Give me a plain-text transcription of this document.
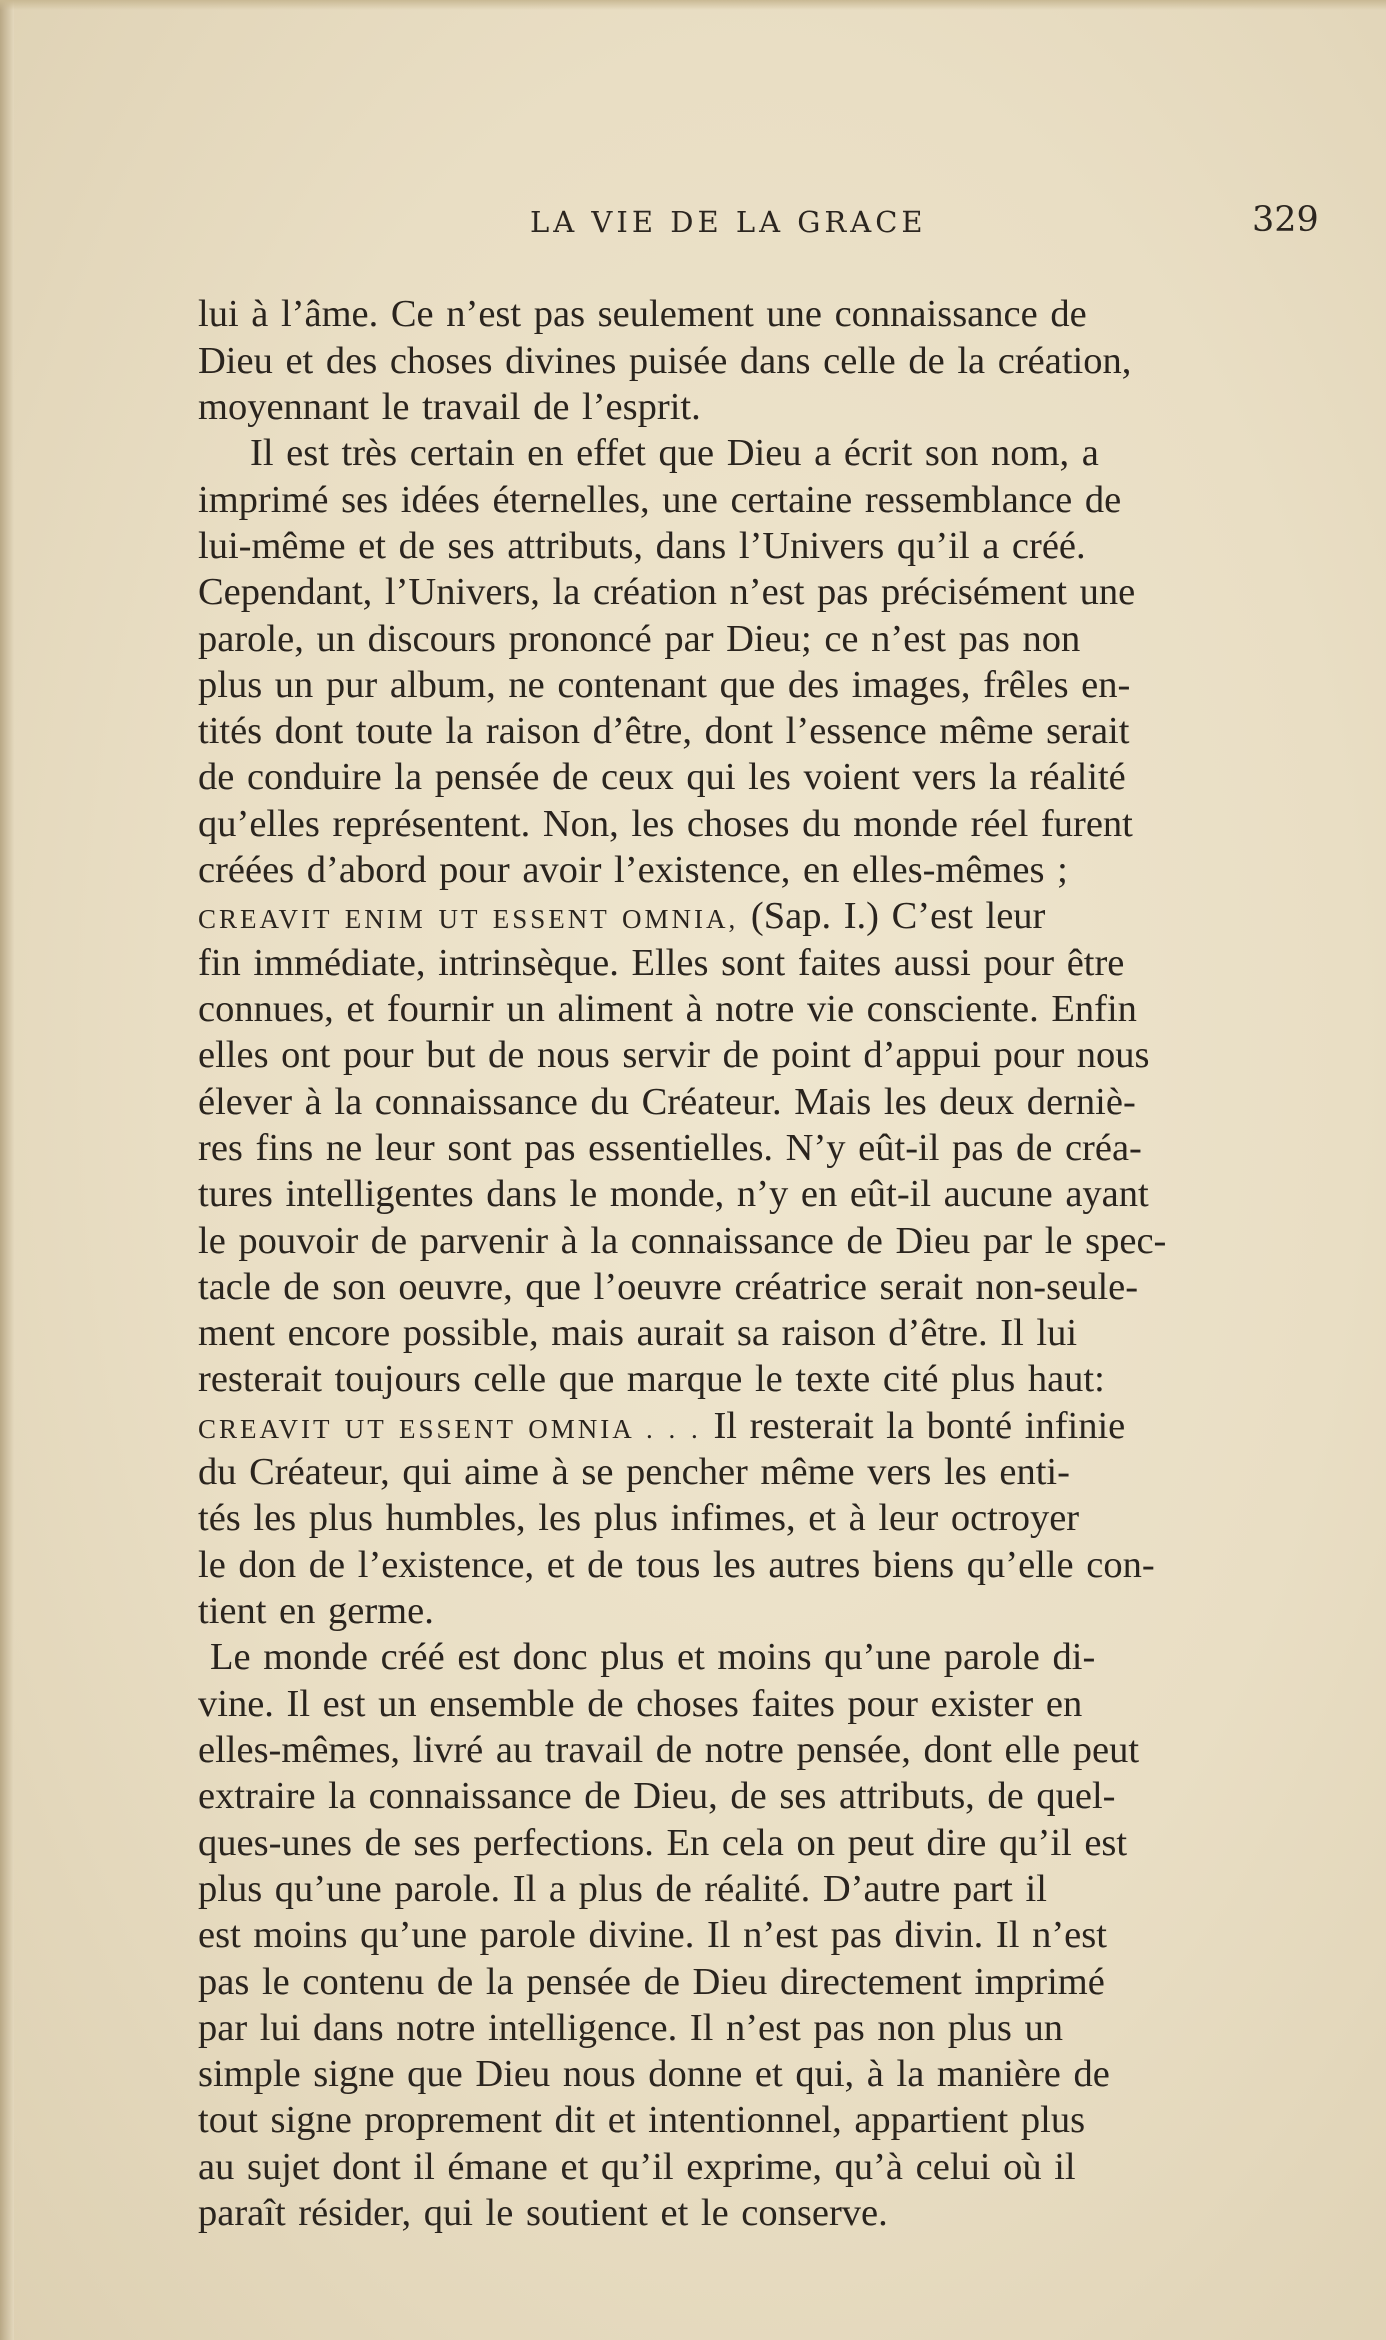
LA VIE DE LA GRACE	329
lui à l’âme. Ce n’est pas seulement une connaissance de
Dieu et des choses divines puisée dans celle de la création,
moyennant le travail de l’esprit.
Il est très certain en effet que Dieu a écrit son nom, a
imprimé ses idées éternelles, une certaine ressemblance de
lui-même et de ses attributs, dans l’Univers qu’il a créé.
Cependant, l’Univers, la création n’est pas précisément une
parole, un discours prononcé par Dieu; ce n’est pas non
plus un pur album, ne contenant que des images, frêles en-
tités dont toute la raison d’être, dont l’essence même serait
de conduire la pensée de ceux qui les voient vers la réalité
qu’elles représentent. Non, les choses du monde réel furent
créées d’abord pour avoir l’existence, en elles-mêmes ;
CREAVIT ENIM UT ESSENT OMNIA, (Sap. I.) C’est leur
fin immédiate, intrinsèque. Elles sont faites aussi pour être
connues, et fournir un aliment à notre vie consciente. Enfin
elles ont pour but de nous servir de point d’appui pour nous
élever à la connaissance du Créateur. Mais les deux derniè-
res fins ne leur sont pas essentielles. N’y eût-il pas de créa-
tures intelligentes dans le monde, n’y en eût-il aucune ayant
le pouvoir de parvenir à la connaissance de Dieu par le spec-
tacle de son oeuvre, que l’oeuvre créatrice serait non-seule-
ment encore possible, mais aurait sa raison d’être. Il lui
resterait toujours celle que marque le texte cité plus haut:
CREAVIT UT ESSENT OMNIA . . . Il resterait la bonté infinie
du Créateur, qui aime à se pencher même vers les enti-
tés les plus humbles, les plus infimes, et à leur octroyer
le don de l’existence, et de tous les autres biens qu’elle con-
tient en germe.
Le monde créé est donc plus et moins qu’une parole di-
vine. Il est un ensemble de choses faites pour exister en
elles-mêmes, livré au travail de notre pensée, dont elle peut
extraire la connaissance de Dieu, de ses attributs, de quel-
ques-unes de ses perfections. En cela on peut dire qu’il est
plus qu’une parole. Il a plus de réalité. D’autre part il
est moins qu’une parole divine. Il n’est pas divin. Il n’est
pas le contenu de la pensée de Dieu directement imprimé
par lui dans notre intelligence. Il n’est pas non plus un
simple signe que Dieu nous donne et qui, à la manière de
tout signe proprement dit et intentionnel, appartient plus
au sujet dont il émane et qu’il exprime, qu’à celui où il
paraît résider, qui le soutient et le conserve.
